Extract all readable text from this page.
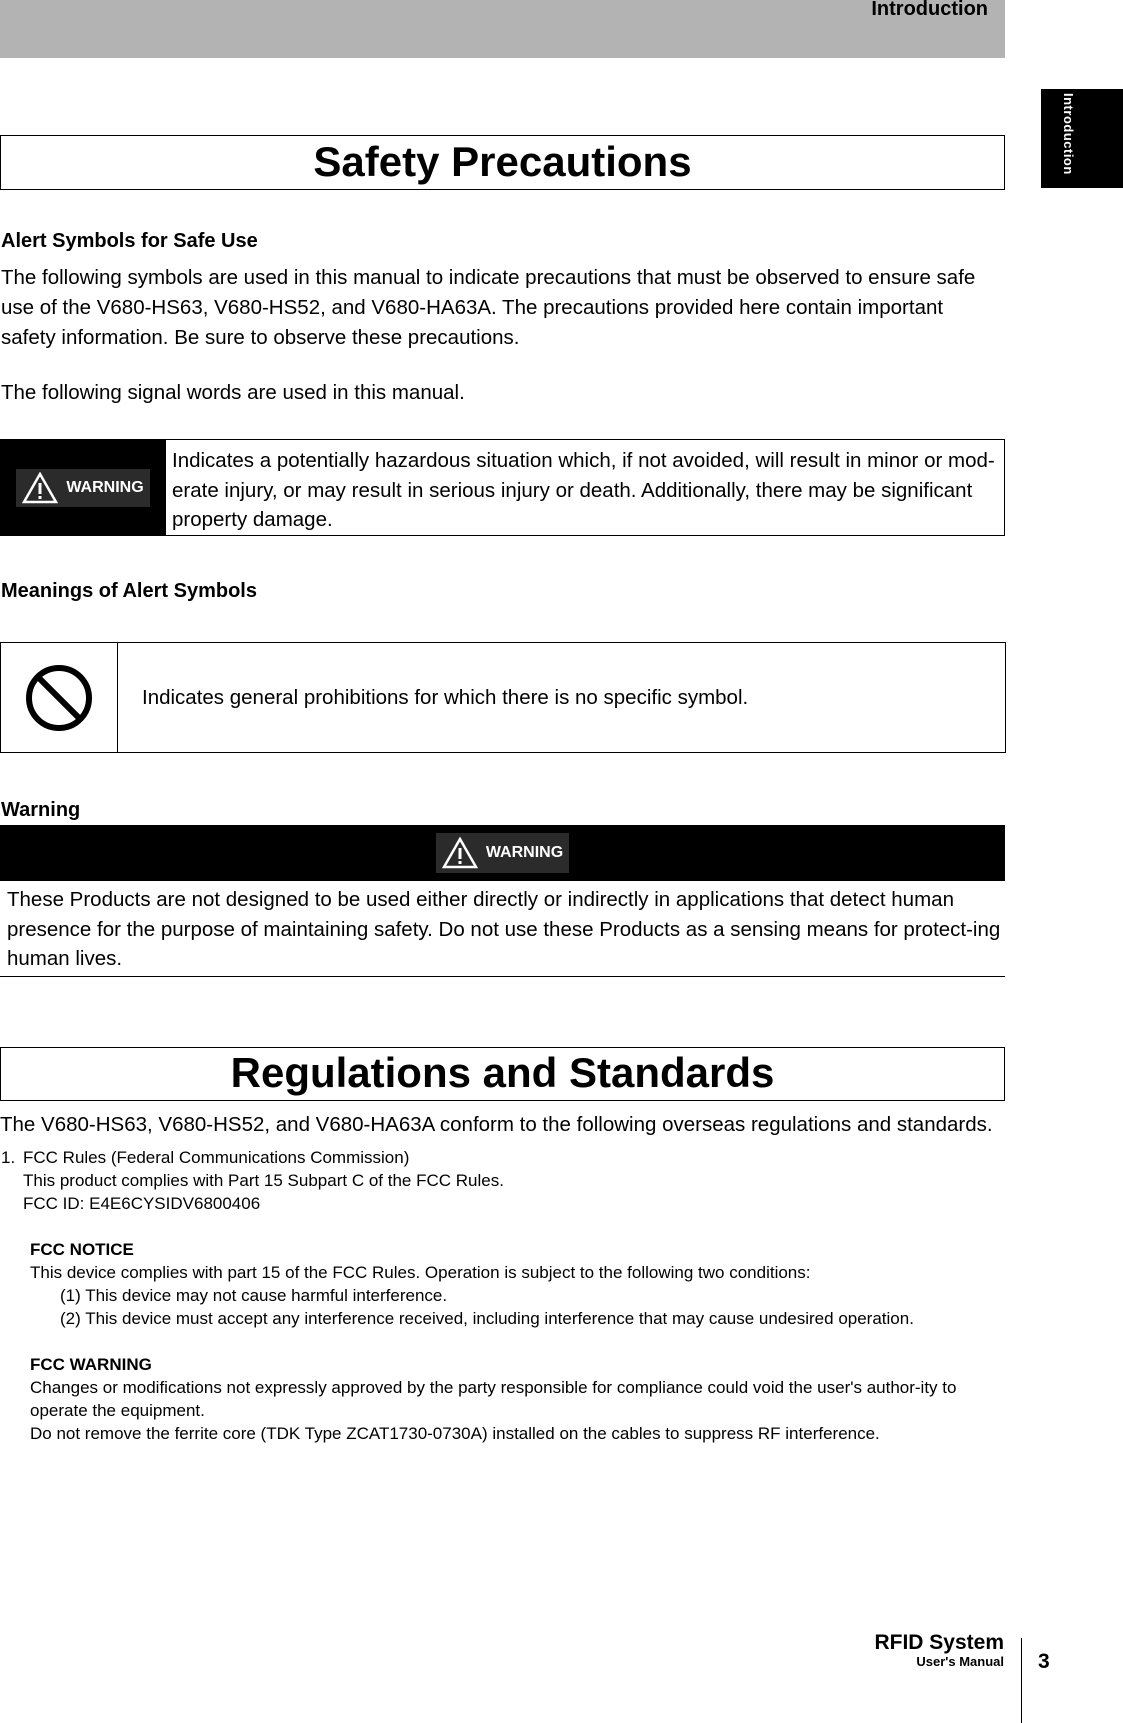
Introduction
Introduction
Safety Precautions
Alert Symbols for Safe Use
The following symbols are used in this manual to indicate precautions that must be observed to ensure safe use of the V680-HS63, V680-HS52, and V680-HA63A. The precautions provided here contain important safety information. Be sure to observe these precautions.
The following signal words are used in this manual.
WARNING
Indicates a potentially hazardous situation which, if not avoided, will result in minor or mod-erate injury, or may result in serious injury or death. Additionally, there may be significant property damage.
Meanings of Alert Symbols
Indicates general prohibitions for which there is no specific symbol.
Warning
WARNING
These Products are not designed to be used either directly or indirectly in applications that detect human presence for the purpose of maintaining safety. Do not use these Products as a sensing means for protect-ing human lives.
Regulations and Standards
The V680-HS63, V680-HS52, and V680-HA63A conform to the following overseas regulations and standards.
1. FCC Rules (Federal Communications Commission)
This product complies with Part 15 Subpart C of the FCC Rules.
FCC ID: E4E6CYSIDV6800406
FCC NOTICE
This device complies with part 15 of the FCC Rules. Operation is subject to the following two conditions:
(1) This device may not cause harmful interference.
(2) This device must accept any interference received, including interference that may cause undesired operation.
FCC WARNING
Changes or modifications not expressly approved by the party responsible for compliance could void the user's author-ity to operate the equipment.
Do not remove the ferrite core (TDK Type ZCAT1730-0730A) installed on the cables to suppress RF interference.
RFID System
User's Manual 3
